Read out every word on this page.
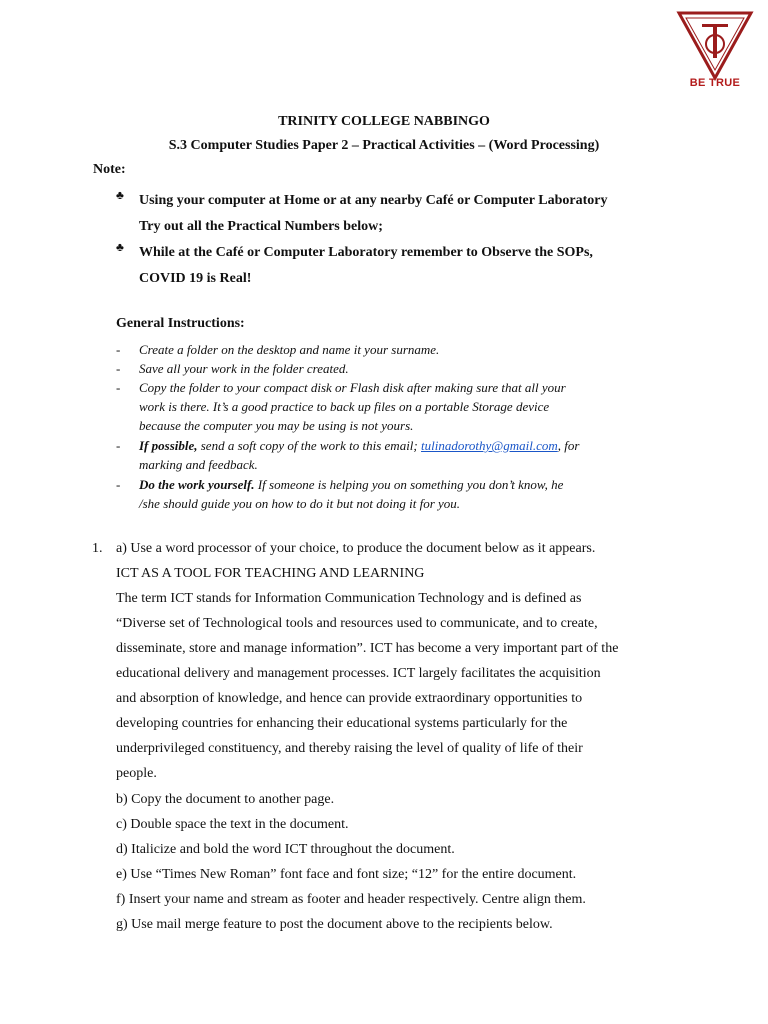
BE TRUE
TRINITY COLLEGE NABBINGO
S.3 Computer Studies Paper 2 – Practical Activities – (Word Processing)
Note:
♣ Using your computer at Home or at any nearby Café or Computer Laboratory
Try out all the Practical Numbers below;
♣ While at the Café or Computer Laboratory remember to Observe the SOPs,
COVID 19 is Real!
General Instructions:
- Create a folder on the desktop and name it your surname.
- Save all your work in the folder created.
- Copy the folder to your compact disk or Flash disk after making sure that all your
work is there. It’s a good practice to back up files on a portable Storage device
because the computer you may be using is not yours.
- If possible, send a soft copy of the work to this email; tulinadorothy@gmail.com, for
marking and feedback.
- Do the work yourself. If someone is helping you on something you don’t know, he
/she should guide you on how to do it but not doing it for you.
1. a) Use a word processor of your choice, to produce the document below as it appears.
ICT AS A TOOL FOR TEACHING AND LEARNING
The term ICT stands for Information Communication Technology and is defined as
“Diverse set of Technological tools and resources used to communicate, and to create,
disseminate, store and manage information”. ICT has become a very important part of the
educational delivery and management processes. ICT largely facilitates the acquisition
and absorption of knowledge, and hence can provide extraordinary opportunities to
developing countries for enhancing their educational systems particularly for the
underprivileged constituency, and thereby raising the level of quality of life of their
people.
b) Copy the document to another page.
c) Double space the text in the document.
d) Italicize and bold the word ICT throughout the document.
e) Use “Times New Roman” font face and font size; “12” for the entire document.
f) Insert your name and stream as footer and header respectively. Centre align them.
g) Use mail merge feature to post the document above to the recipients below.
